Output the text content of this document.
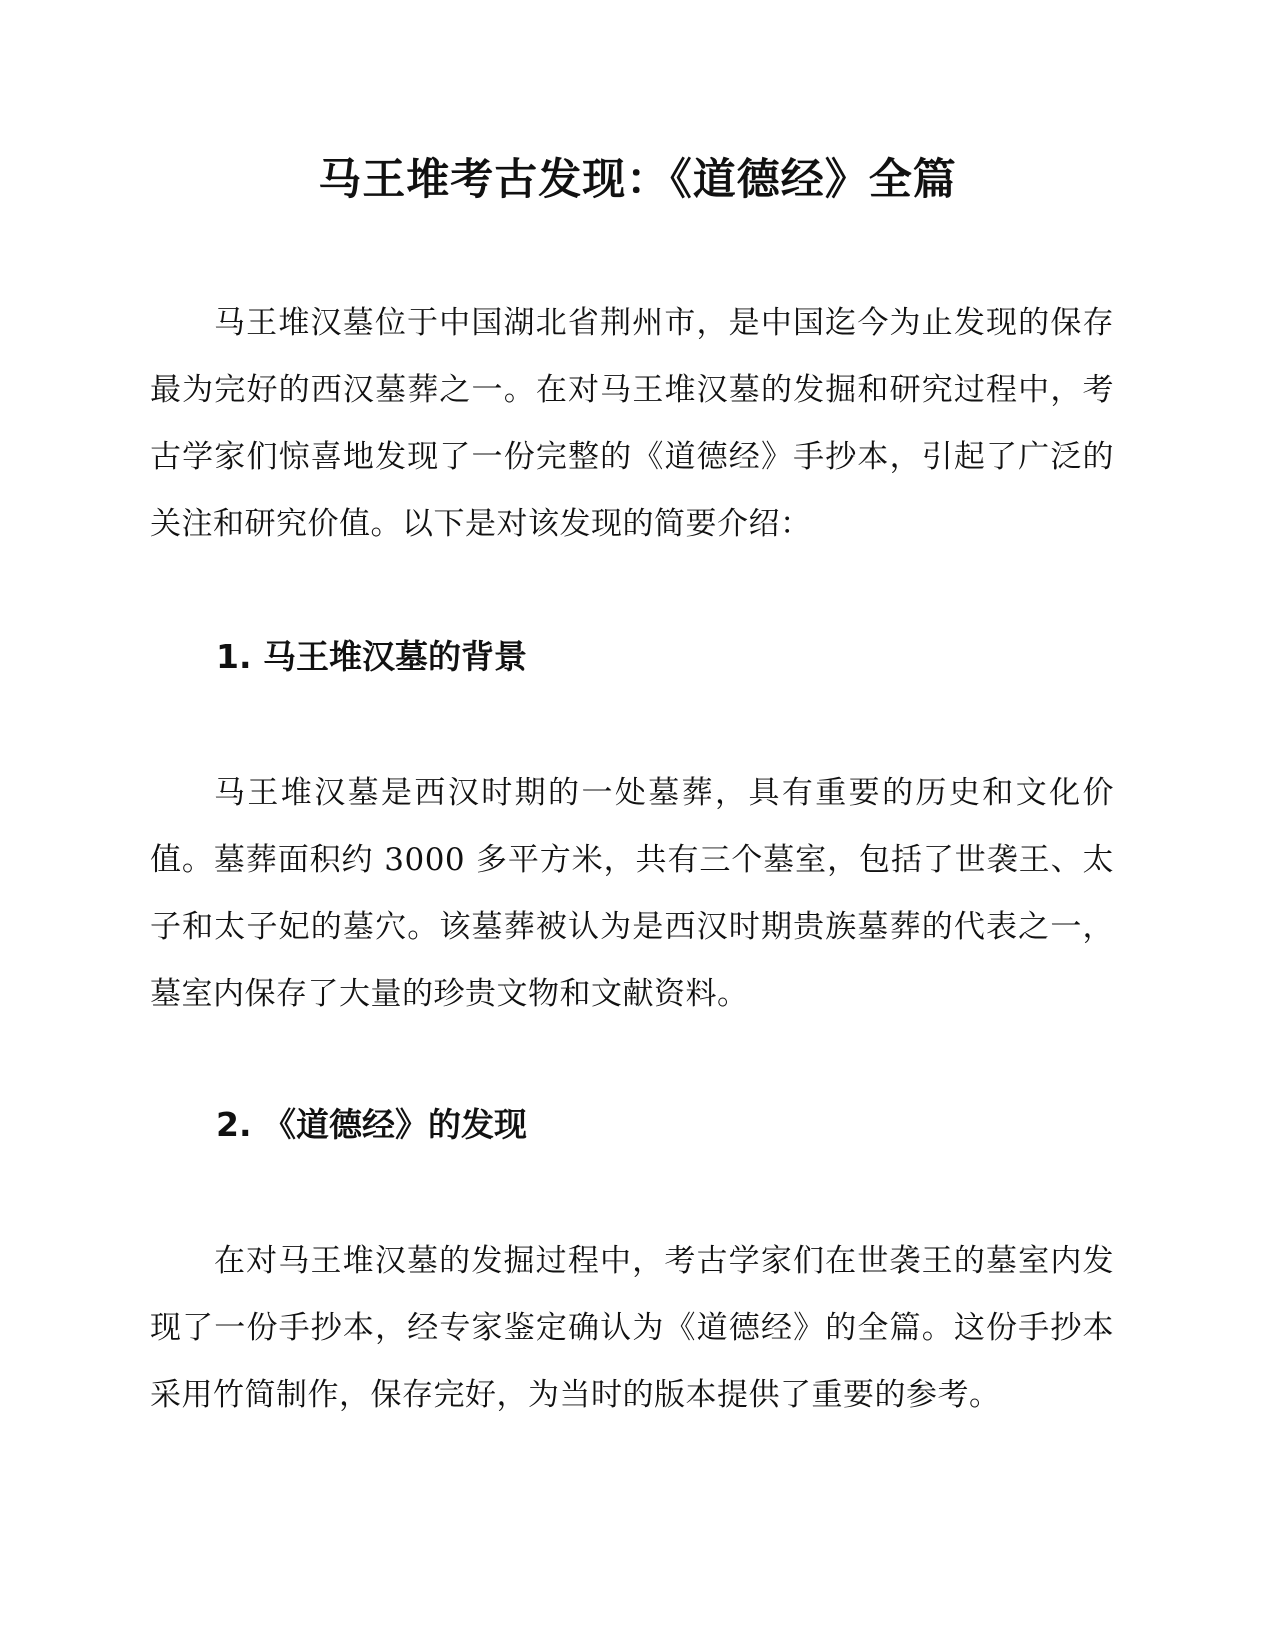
马王堆考古发现：《道德经》全篇

马王堆汉墓位于中国湖北省荆州市，是中国迄今为止发现的保存最为完好的西汉墓葬之一。在对马王堆汉墓的发掘和研究过程中，考古学家们惊喜地发现了一份完整的《道德经》手抄本，引起了广泛的关注和研究价值。以下是对该发现的简要介绍：

1. 马王堆汉墓的背景

马王堆汉墓是西汉时期的一处墓葬，具有重要的历史和文化价值。墓葬面积约 3000 多平方米，共有三个墓室，包括了世袭王、太子和太子妃的墓穴。该墓葬被认为是西汉时期贵族墓葬的代表之一，墓室内保存了大量的珍贵文物和文献资料。

2. 《道德经》的发现

在对马王堆汉墓的发掘过程中，考古学家们在世袭王的墓室内发现了一份手抄本，经专家鉴定确认为《道德经》的全篇。这份手抄本采用竹简制作，保存完好，为当时的版本提供了重要的参考。
